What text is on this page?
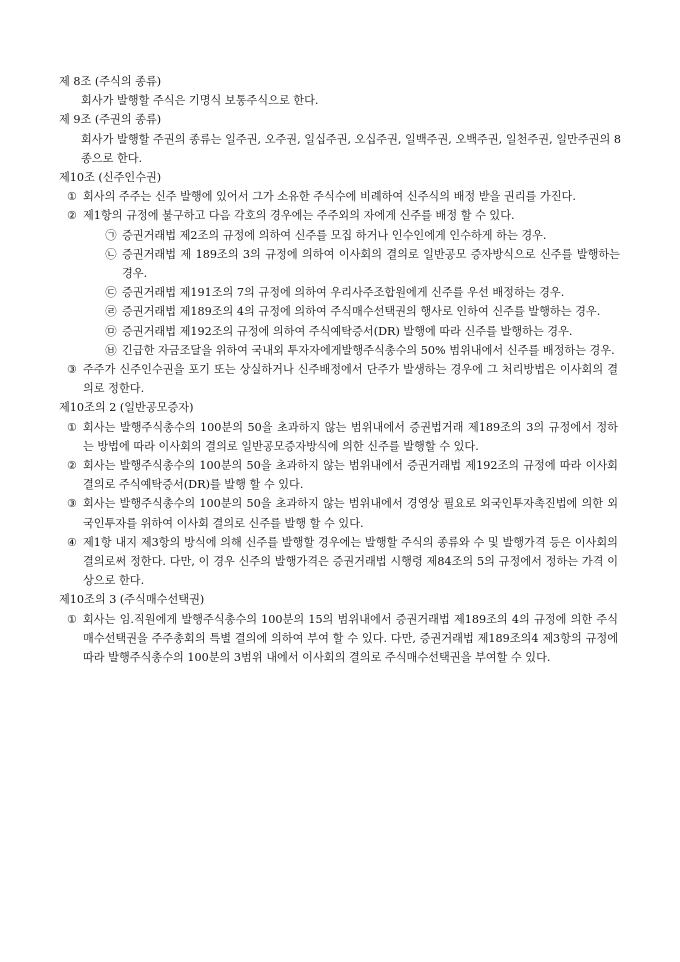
제 8조 (주식의 종류)
회사가 발행할 주식은 기명식 보통주식으로 한다.
제 9조 (주권의 종류)
회사가 발행할 주권의 종류는 일주권, 오주권, 일십주권, 오십주권, 일백주권, 오백주권, 일천주권, 일만주권의 8종으로 한다.
제10조 (신주인수권)
① 회사의 주주는 신주 발행에 있어서 그가 소유한 주식수에 비례하여 신주식의 배정 받을 권리를 가진다.
② 제1항의 규정에 불구하고 다음 각호의 경우에는 주주외의 자에게 신주를 배정 할 수 있다.
㉠ 증권거래법 제2조의 규정에 의하여 신주를 모집 하거나 인수인에게 인수하게 하는 경우.
㉡ 증권거래법 제 189조의 3의 규정에 의하여 이사회의 결의로 일반공모 증자방식으로 신주를 발행하는 경우.
㉢ 증권거래법 제191조의 7의 규정에 의하여 우리사주조합원에게 신주를 우선 배정하는 경우.
㉣ 증권거래법 제189조의 4의 규정에 의하여 주식매수선택권의 행사로 인하여 신주를 발행하는 경우.
㉤ 증권거래법 제192조의 규정에 의하여 주식예탁증서(DR) 발행에 따라 신주를 발행하는 경우.
㉥ 긴급한 자금조달을 위하여 국내외 투자자에게발행주식총수의 50% 범위내에서 신주를 배정하는 경우.
③ 주주가 신주인수권을 포기 또는 상실하거나 신주배정에서 단주가 발생하는 경우에 그 처리방법은 이사회의 결의로 정한다.
제10조의 2 (일반공모증자)
① 회사는 발행주식총수의 100분의 50을 초과하지 않는 범위내에서 증권법거래 제189조의 3의 규정에서 정하는 방법에 따라 이사회의 결의로 일반공모증자방식에 의한 신주를 발행할 수 있다.
② 회사는 발행주식총수의 100분의 50을 초과하지 않는 범위내에서 증권거래법 제192조의 규정에 따라 이사회 결의로 주식예탁증서(DR)를 발행 할 수 있다.
③ 회사는 발행주식총수의 100분의 50을 초과하지 않는 범위내에서 경영상 필요로 외국인투자촉진법에 의한 외국인투자를 위하여 이사회 결의로 신주를 발행 할 수 있다.
④ 제1항 내지 제3항의 방식에 의해 신주를 발행할 경우에는 발행할 주식의 종류와 수 및 발행가격 등은 이사회의 결의로써 정한다. 다만, 이 경우 신주의 발행가격은 증권거래법 시행령 제84조의 5의 규정에서 정하는 가격 이상으로 한다.
제10조의 3 (주식매수선택권)
① 회사는 임.직원에게 발행주식총수의 100분의 15의 범위내에서 증권거래법 제189조의 4의 규정에 의한 주식매수선택권을 주주총회의 특별 결의에 의하여 부여 할 수 있다. 다만, 증권거래법 제189조의4 제3항의 규정에 따라 발행주식총수의 100분의 3범위 내에서 이사회의 결의로 주식매수선택권을 부여할 수 있다.
